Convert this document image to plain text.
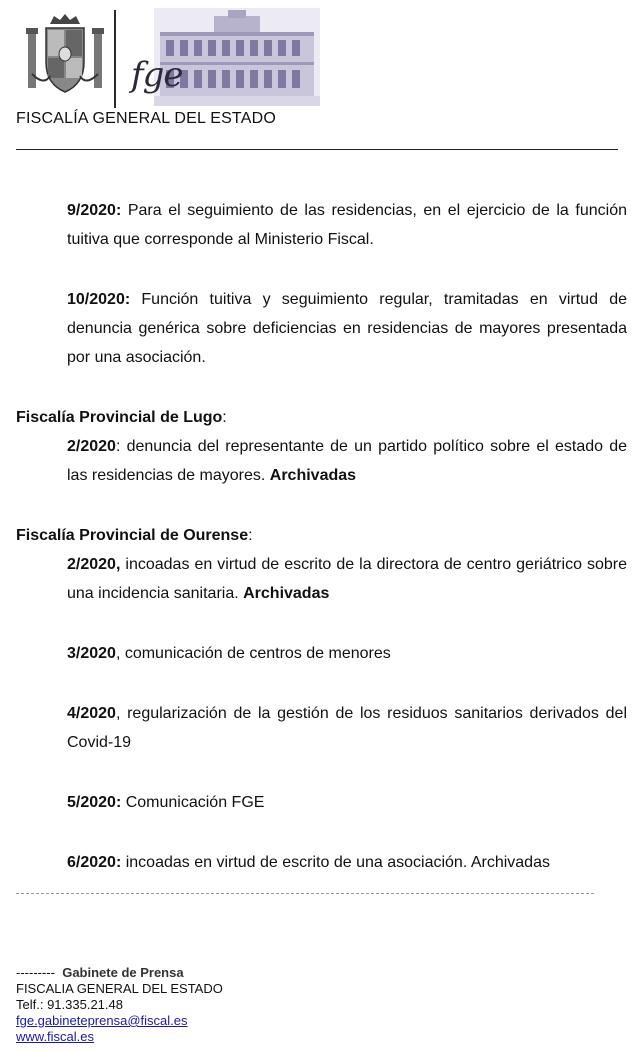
fge
FISCALÍA GENERAL DEL ESTADO

9/2020: Para el seguimiento de las residencias, en el ejercicio de la función tuitiva que corresponde al Ministerio Fiscal.

10/2020: Función tuitiva y seguimiento regular, tramitadas en virtud de denuncia genérica sobre deficiencias en residencias de mayores presentada por una asociación.

Fiscalía Provincial de Lugo:

2/2020: denuncia del representante de un partido político sobre el estado de las residencias de mayores. Archivadas

Fiscalía Provincial de Ourense:

2/2020, incoadas en virtud de escrito de la directora de centro geriátrico sobre una incidencia sanitaria. Archivadas

3/2020, comunicación de centros de menores

4/2020, regularización de la gestión de los residuos sanitarios derivados del Covid-19

5/2020: Comunicación FGE

6/2020: incoadas en virtud de escrito de una asociación. Archivadas

--------- Gabinete de Prensa
FISCALIA GENERAL DEL ESTADO
Telf.: 91.335.21.48
fge.gabineteprensa@fiscal.es
www.fiscal.es
